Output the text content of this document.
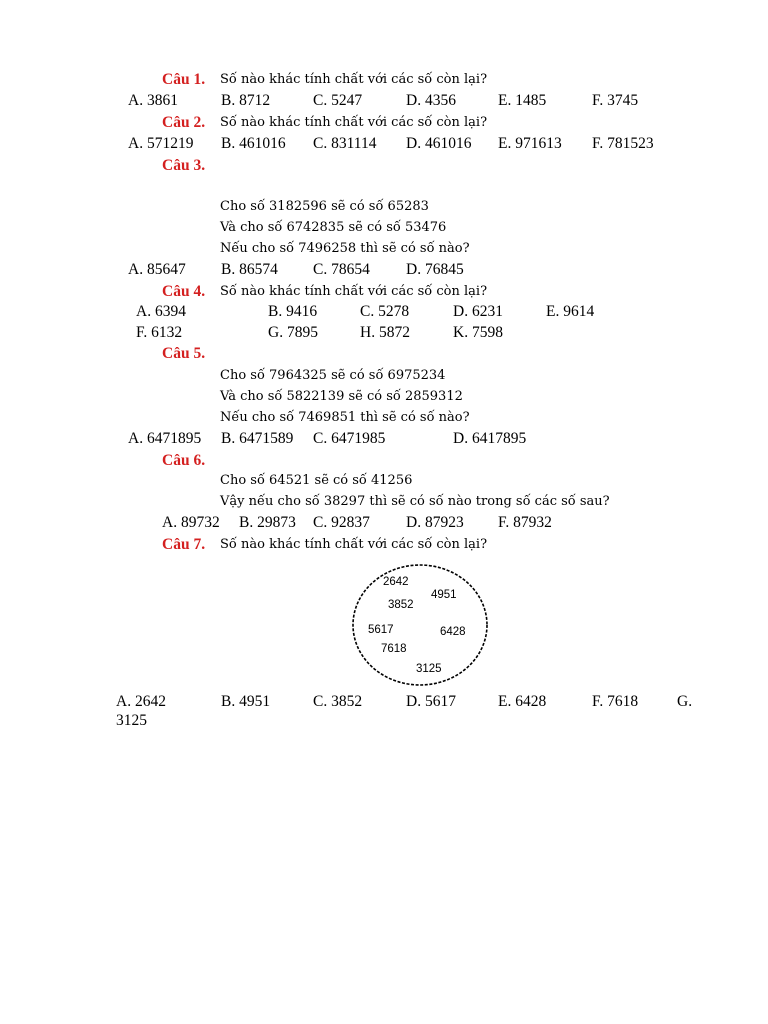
Câu 1. Số nào khác tính chất với các số còn lại?
A. 3861	B. 8712	C. 5247	D. 4356	E. 1485	F. 3745
Câu 2. Số nào khác tính chất với các số còn lại?
A. 571219 B. 461016 C. 831114 D. 461016 E. 971613 F. 781523
Câu 3.
Cho số 3182596 sẽ có số 65283
Và cho số 6742835 sẽ có số 53476
Nếu cho số 7496258 thì sẽ có số nào?
A. 85647 B. 86574 C. 78654 D. 76845
Câu 4. Số nào khác tính chất với các số còn lại?
A. 6394	B. 9416	C. 5278	D. 6231	E. 9614
F. 6132	G. 7895	H. 5872	K. 7598
Câu 5.
Cho số 7964325 sẽ có số 6975234
Và cho số 5822139 sẽ có số 2859312
Nếu cho số 7469851 thì sẽ có số nào?
A. 6471895 B. 6471589 C. 6471985	D. 6417895
Câu 6.
Cho số 64521 sẽ có số 41256
Vậy nếu cho số 38297 thì sẽ có số nào trong số các số sau?
A. 89732 B. 29873 C. 92837 D. 87923 F. 87932
Câu 7. Số nào khác tính chất với các số còn lại?
2642
4951
3852
5617	6428
7618
3125
A. 2642	B. 4951	C. 3852	D. 5617	E. 6428	F. 7618	G.
3125
